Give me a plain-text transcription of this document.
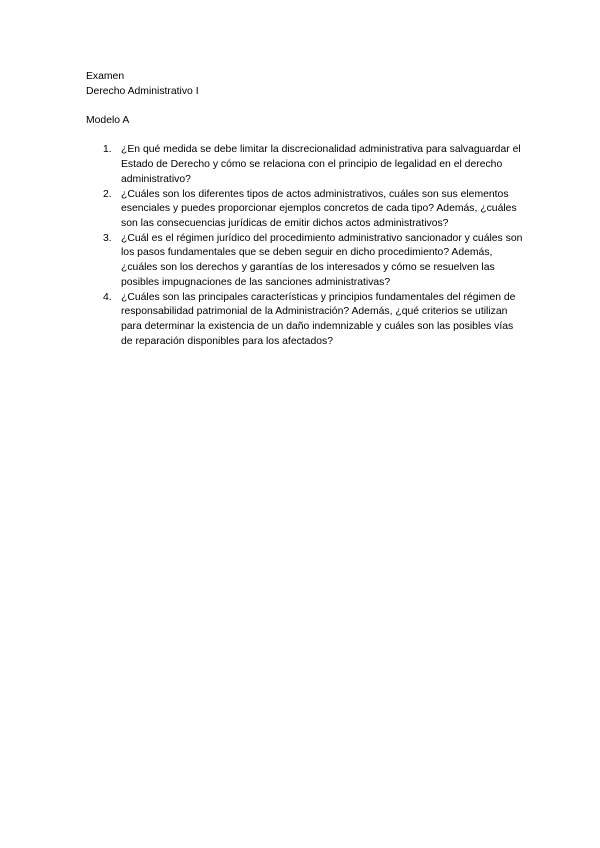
Examen
Derecho Administrativo I
Modelo A
1. ¿En qué medida se debe limitar la discrecionalidad administrativa para salvaguardar el Estado de Derecho y cómo se relaciona con el principio de legalidad en el derecho administrativo?
2. ¿Cuáles son los diferentes tipos de actos administrativos, cuáles son sus elementos esenciales y puedes proporcionar ejemplos concretos de cada tipo? Además, ¿cuáles son las consecuencias jurídicas de emitir dichos actos administrativos?
3. ¿Cuál es el régimen jurídico del procedimiento administrativo sancionador y cuáles son los pasos fundamentales que se deben seguir en dicho procedimiento? Además, ¿cuáles son los derechos y garantías de los interesados y cómo se resuelven las posibles impugnaciones de las sanciones administrativas?
4. ¿Cuáles son las principales características y principios fundamentales del régimen de responsabilidad patrimonial de la Administración? Además, ¿qué criterios se utilizan para determinar la existencia de un daño indemnizable y cuáles son las posibles vías de reparación disponibles para los afectados?
